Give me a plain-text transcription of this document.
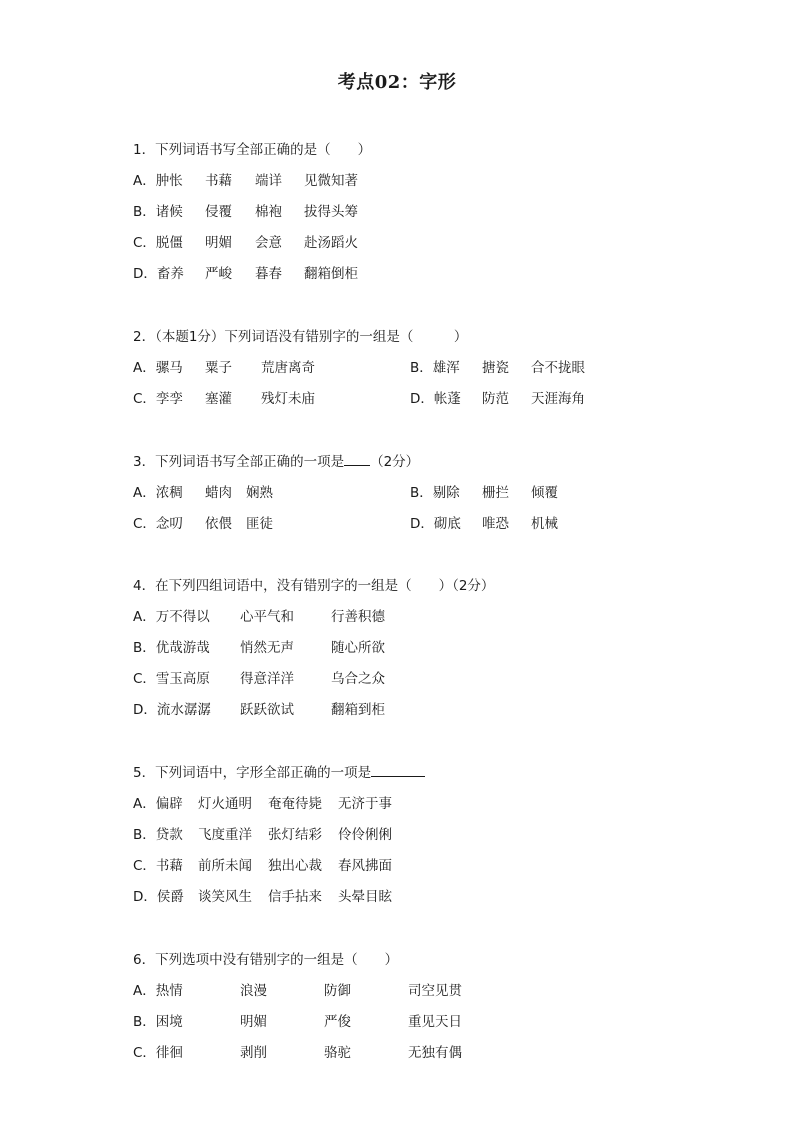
考点02：字形
1．下列词语书写全部正确的是（　　）
A．肿怅 书藉 端详 见微知著
B．诸候 侵覆 棉袍 拔得头筹
C．脱僵 明媚 会意 赴汤蹈火
D．畜养 严峻 暮春 翻箱倒柜
2．（本题1分）下列词语没有错别字的一组是（　　　）
A．骡马 粟子 荒唐离奇	B．雄浑 搪瓷 合不拢眼
C．孪孪 塞灌 残灯未庙	D．帐蓬 防范 天涯海角
3．下列词语书写全部正确的一项是 （2分）
A．浓稠 蜡肉 娴熟	B．剔除 栅拦 倾覆
C．念叨 依偎 匪徒	D．砌底 唯恐 机械
4．在下列四组词语中，没有错别字的一组是（　　）（2分）
A．万不得以 心平气和	行善积德
B．优哉游哉 悄然无声	随心所欲
C．雪玉高原 得意洋洋	乌合之众
D．流水潺潺 跃跃欲试	翻箱到柜
5．下列词语中，字形全部正确的一项是
A．偏辟 灯火通明 奄奄待毙 无济于事
B．贷款 飞度重洋 张灯结彩 伶伶俐俐
C．书藉 前所未闻 独出心裁 春风拂面
D．侯爵 谈笑风生 信手拈来 头晕目眩
6．下列选项中没有错别字的一组是（　　）
A．热情	浪漫	防御	司空见贯
B．困境	明媚	严俊	重见天日
C．徘徊	剥削	骆驼	无独有偶
